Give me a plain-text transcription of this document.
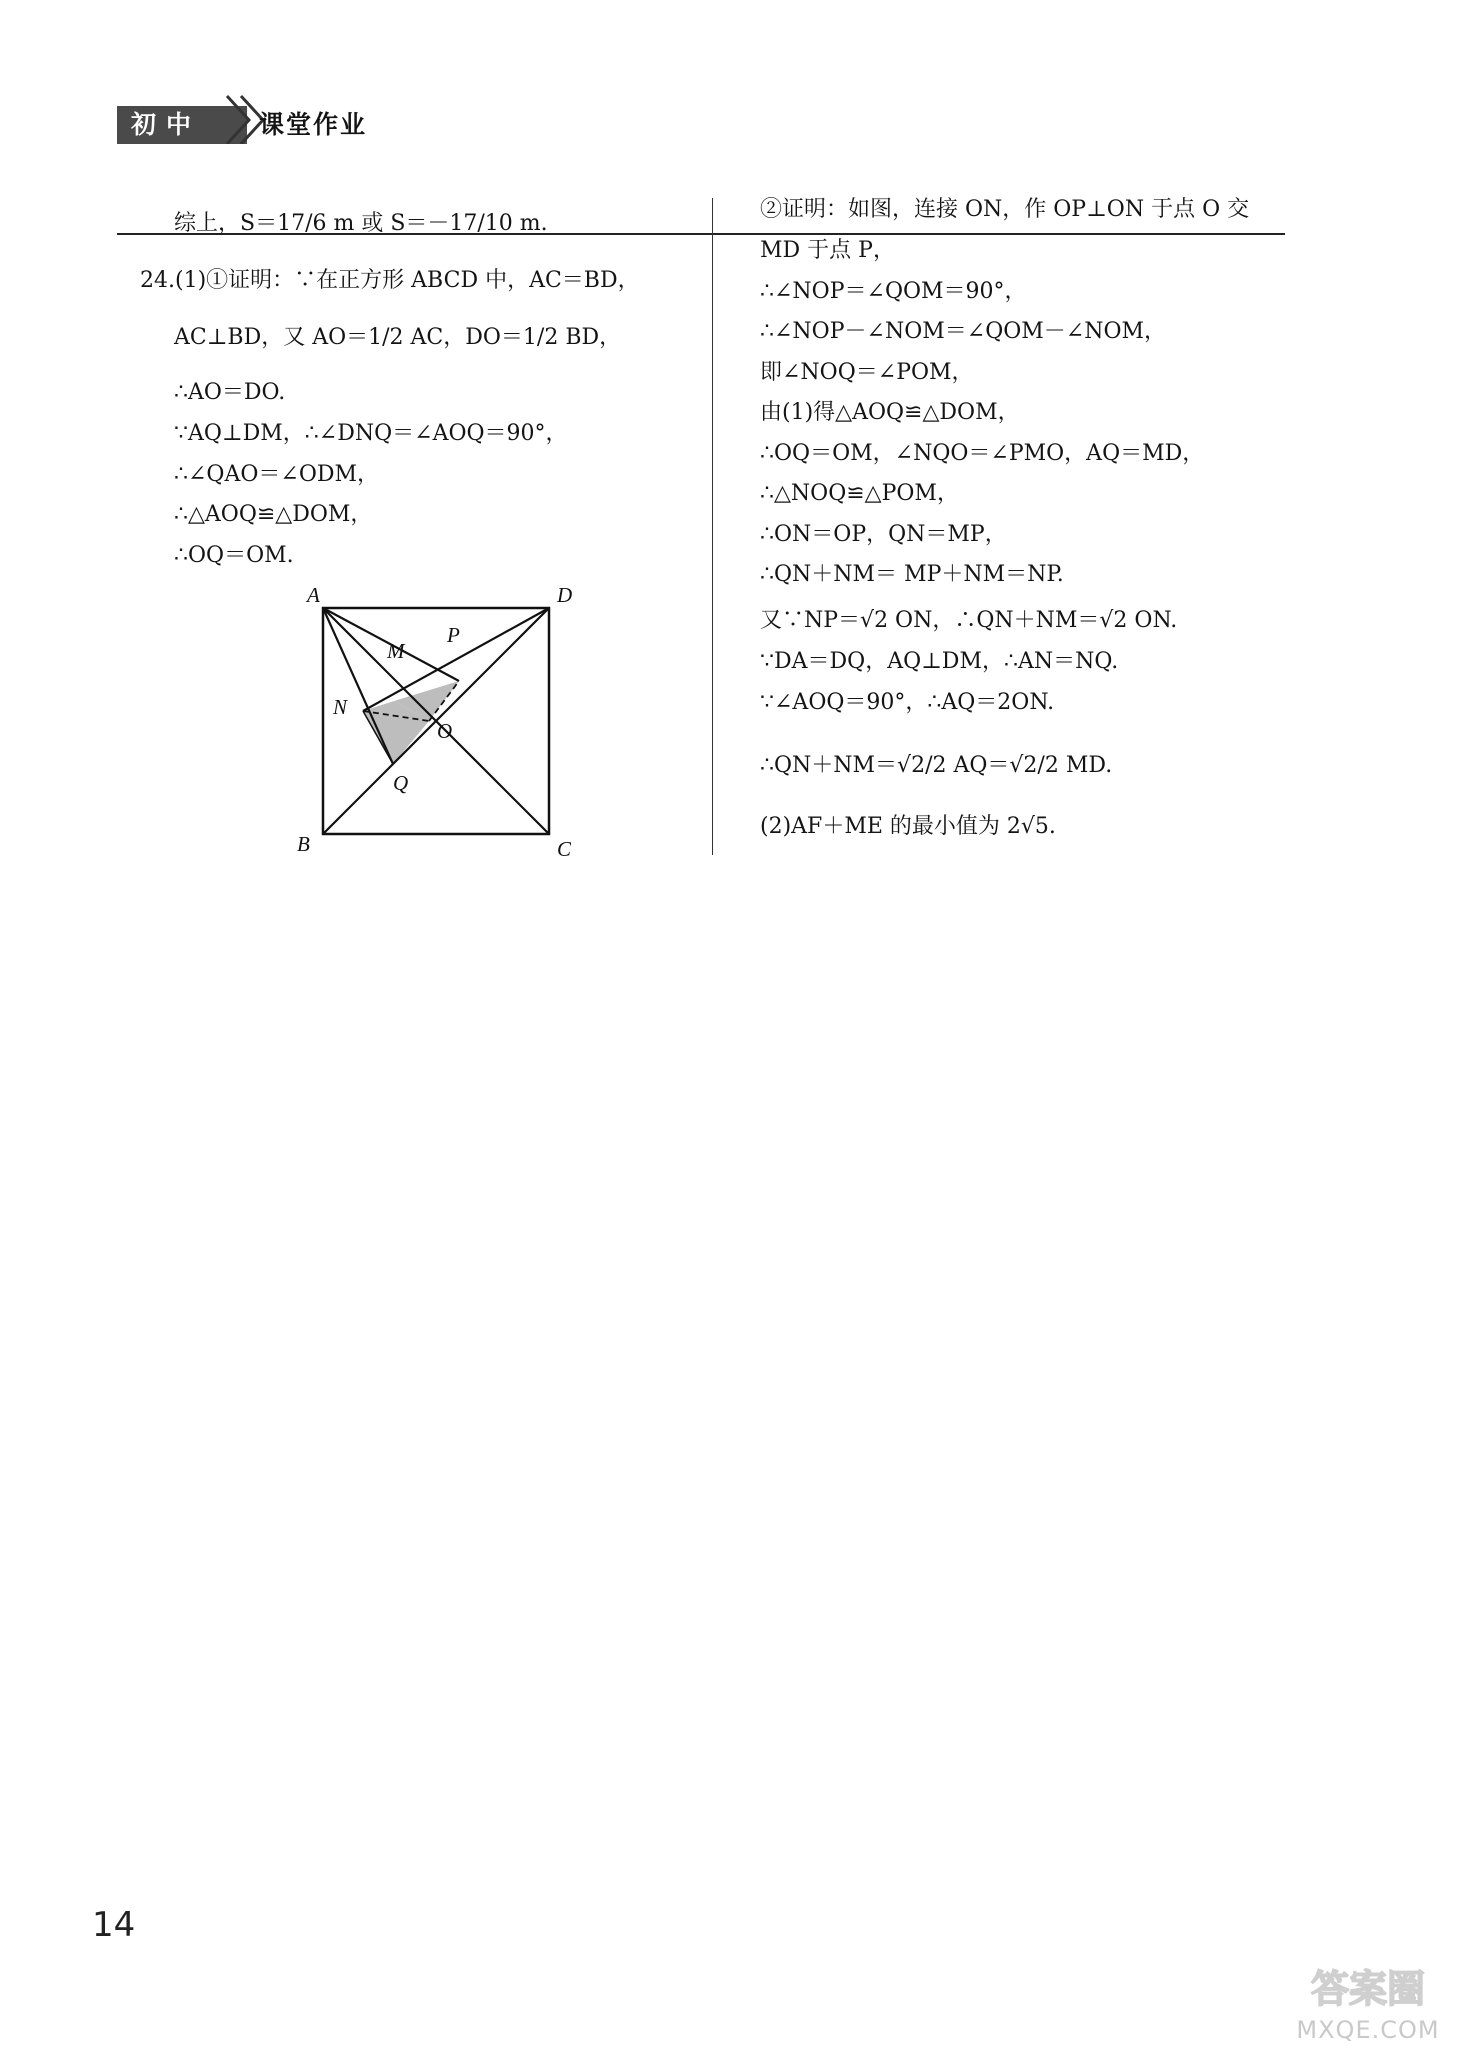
初中	课堂作业
综上，S＝17/6 m 或 S＝－17/10 m.
24.(1)①证明：∵在正方形 ABCD 中，AC＝BD，
AC⊥BD，又 AO＝1/2 AC，DO＝1/2 BD，
∴AO＝DO.
∵AQ⊥DM，∴∠DNQ＝∠AOQ＝90°，
∴∠QAO＝∠ODM，
∴△AOQ≌△DOM，
∴OQ＝OM.
A	D
B	C
M
P
N
O
Q
②证明：如图，连接 ON，作 OP⊥ON 于点 O 交
MD 于点 P，
∴∠NOP＝∠QOM＝90°，
∴∠NOP－∠NOM＝∠QOM－∠NOM，
即∠NOQ＝∠POM，
由(1)得△AOQ≌△DOM，
∴OQ＝OM，∠NQO＝∠PMO，AQ＝MD，
∴△NOQ≌△POM，
∴ON＝OP，QN＝MP，
∴QN＋NM＝ MP＋NM＝NP.
又∵NP＝√2 ON，∴QN＋NM＝√2 ON.
∵DA＝DQ，AQ⊥DM，∴AN＝NQ.
∵∠AOQ＝90°，∴AQ＝2ON.
∴QN＋NM＝√2/2 AQ＝√2/2 MD.
(2)AF＋ME 的最小值为 2√5.
14
答案圈
MXQE.COM
